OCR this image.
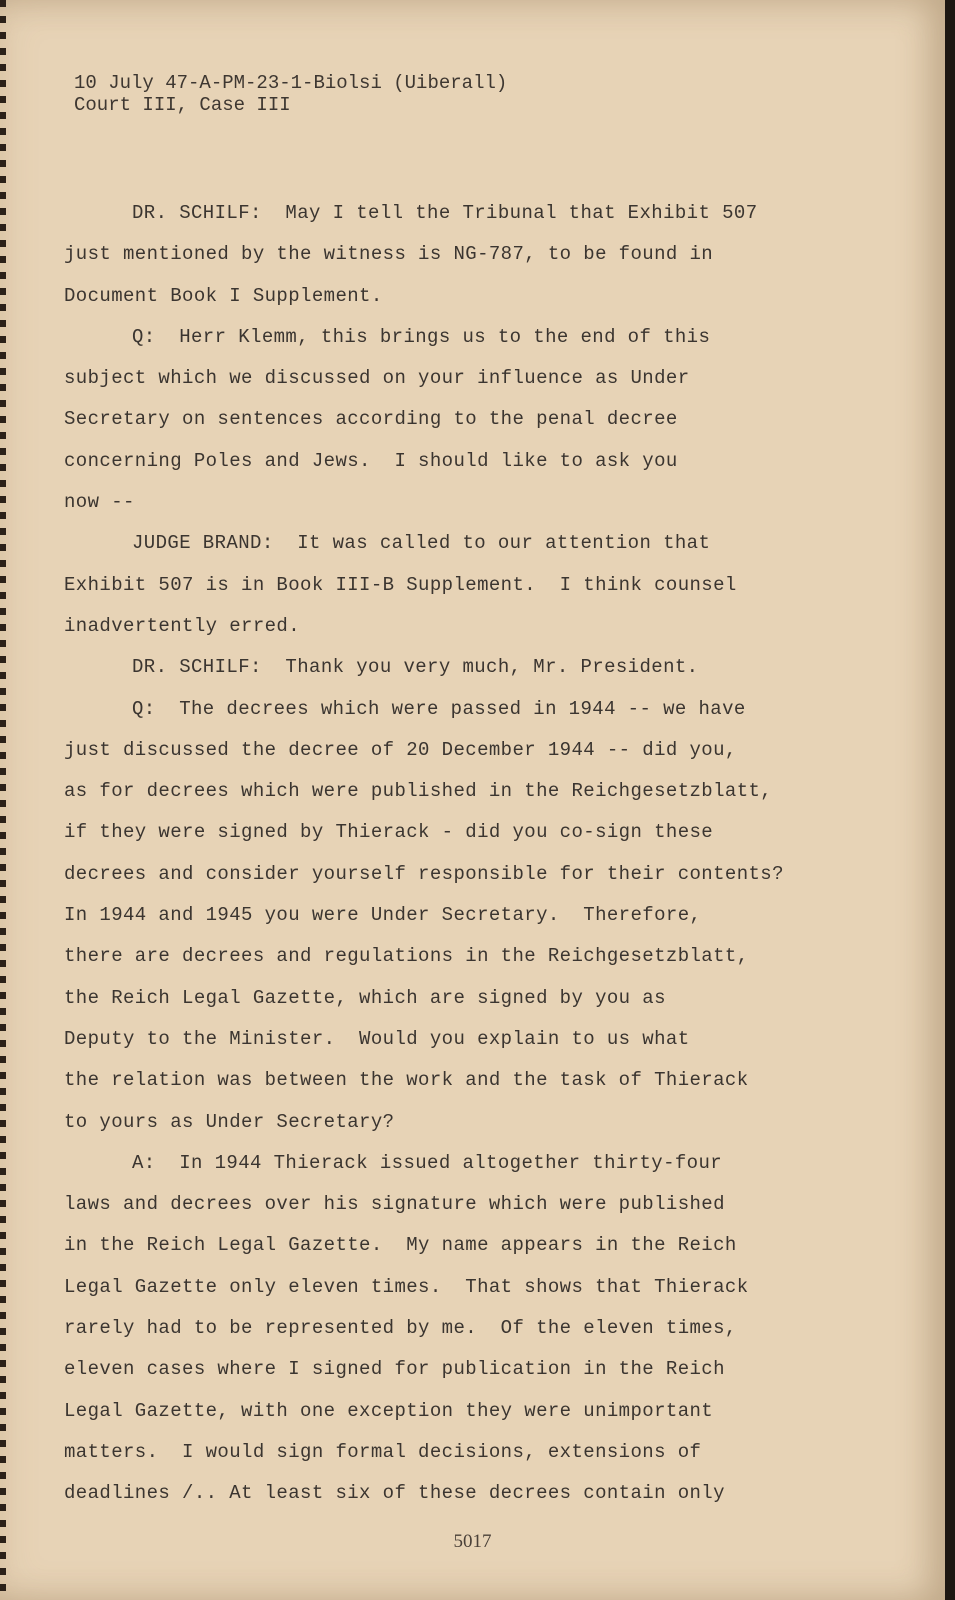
10 July 47-A-PM-23-1-Biolsi (Uiberall)
Court III, Case III
DR. SCHILF:  May I tell the Tribunal that Exhibit 507
just mentioned by the witness is NG-787, to be found in
Document Book I Supplement.
Q:  Herr Klemm, this brings us to the end of this
subject which we discussed on your influence as Under
Secretary on sentences according to the penal decree
concerning Poles and Jews.  I should like to ask you
now --
JUDGE BRAND:  It was called to our attention that
Exhibit 507 is in Book III-B Supplement.  I think counsel
inadvertently erred.
DR. SCHILF:  Thank you very much, Mr. President.
Q:  The decrees which were passed in 1944 -- we have
just discussed the decree of 20 December 1944 -- did you,
as for decrees which were published in the Reichgesetzblatt,
if they were signed by Thierack - did you co-sign these
decrees and consider yourself responsible for their contents?
In 1944 and 1945 you were Under Secretary.  Therefore,
there are decrees and regulations in the Reichgesetzblatt,
the Reich Legal Gazette, which are signed by you as
Deputy to the Minister.  Would you explain to us what
the relation was between the work and the task of Thierack
to yours as Under Secretary?
A:  In 1944 Thierack issued altogether thirty-four
laws and decrees over his signature which were published
in the Reich Legal Gazette.  My name appears in the Reich
Legal Gazette only eleven times.  That shows that Thierack
rarely had to be represented by me.  Of the eleven times,
eleven cases where I signed for publication in the Reich
Legal Gazette, with one exception they were unimportant
matters.  I would sign formal decisions, extensions of
deadlines /.. At least six of these decrees contain only
5017
